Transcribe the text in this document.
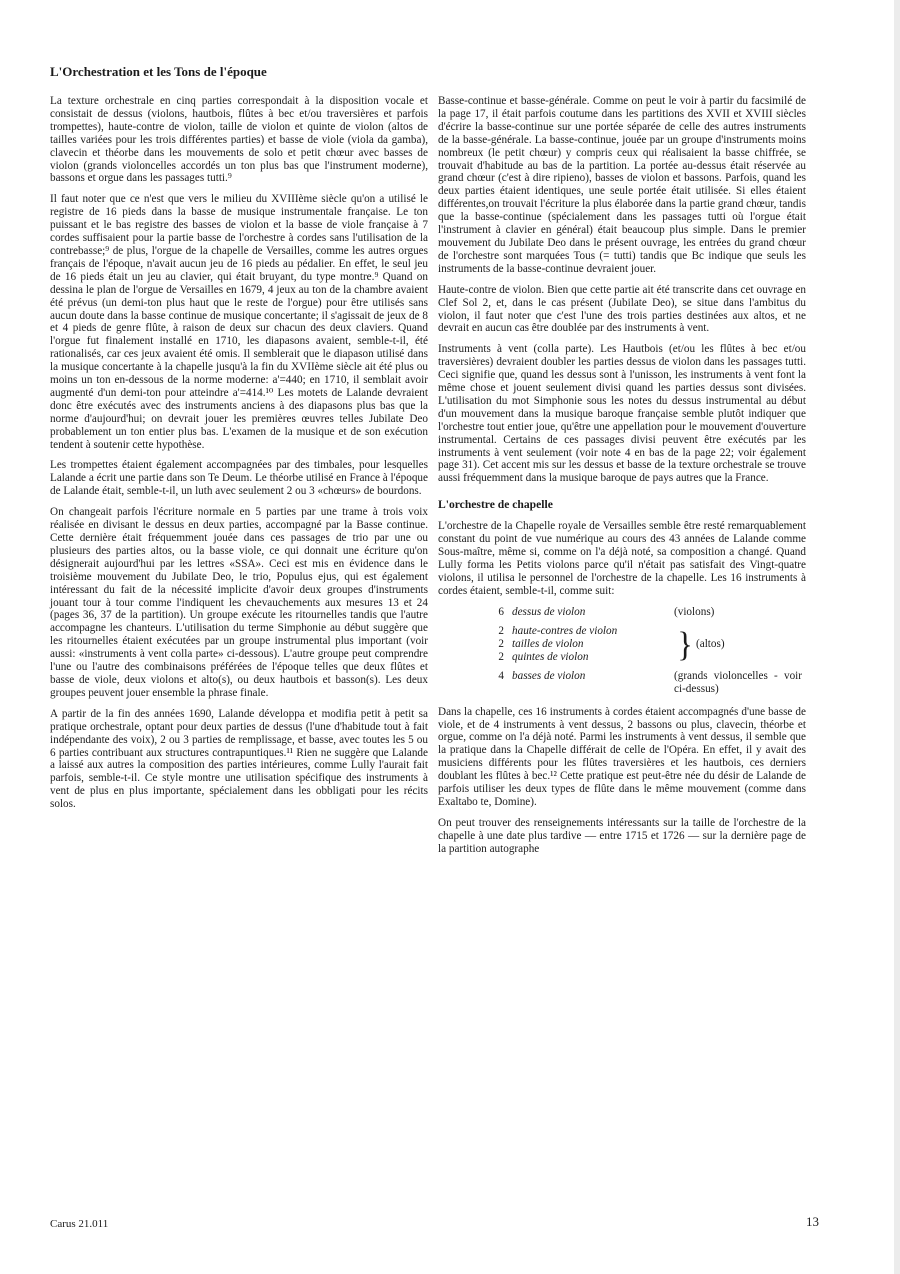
L'Orchestration et les Tons de l'époque

La texture orchestrale en cinq parties correspondait à la disposition vocale et consistait de dessus (violons, hautbois, flûtes à bec et/ou traversières et parfois trompettes), haute-contre de violon, taille de violon et quinte de violon (altos de tailles variées pour les trois différentes parties) et basse de viole (viola da gamba), clavecin et théorbe dans les mouvements de solo et petit chœur avec basses de violon (grands violoncelles accordés un ton plus bas que l'instrument moderne), bassons et orgue dans les passages tutti.⁹

Il faut noter que ce n'est que vers le milieu du XVIIIème siècle qu'on a utilisé le registre de 16 pieds dans la basse de musique instrumentale française. Le ton puissant et le bas registre des basses de violon et la basse de viole française à 7 cordes suffisaient pour la partie basse de l'orchestre à cordes sans l'utilisation de la contrebasse;⁹ de plus, l'orgue de la chapelle de Versailles, comme les autres orgues français de l'époque, n'avait aucun jeu de 16 pieds au pédalier. En effet, le seul jeu de 16 pieds était un jeu au clavier, qui était bruyant, du type montre.⁹ Quand on dessina le plan de l'orgue de Versailles en 1679, 4 jeux au ton de la chambre avaient été prévus (un demi-ton plus haut que le reste de l'orgue) pour être utilisés sans aucun doute dans la basse continue de musique concertante; il s'agissait de jeux de 8 et 4 pieds de genre flûte, à raison de deux sur chacun des deux claviers. Quand l'orgue fut finalement installé en 1710, les diapasons avaient, semble-t-il, été rationalisés, car ces jeux avaient été omis. Il semblerait que le diapason utilisé dans la musique concertante à la chapelle jusqu'à la fin du XVIIème siècle ait été plus ou moins un ton en-dessous de la norme moderne: a'=440; en 1710, il semblait avoir augmenté d'un demi-ton pour atteindre a'=414.¹⁰ Les motets de Lalande devraient donc être exécutés avec des instruments anciens à des diapasons plus bas que la norme d'aujourd'hui; on devrait jouer les premières œuvres telles Jubilate Deo probablement un ton entier plus bas. L'examen de la musique et de son exécution tendent à soutenir cette hypothèse.

Les trompettes étaient également accompagnées par des timbales, pour lesquelles Lalande a écrit une partie dans son Te Deum. Le théorbe utilisé en France à l'époque de Lalande était, semble-t-il, un luth avec seulement 2 ou 3 «chœurs» de bourdons.

On changeait parfois l'écriture normale en 5 parties par une trame à trois voix réalisée en divisant le dessus en deux parties, accompagné par la Basse continue. Cette dernière était fréquemment jouée dans ces passages de trio par une ou plusieurs des parties altos, ou la basse viole, ce qui donnait une écriture qu'on désignerait aujourd'hui par les lettres «SSA». Ceci est mis en évidence dans le troisième mouvement du Jubilate Deo, le trio, Populus ejus, qui est également intéressant du fait de la nécessité implicite d'avoir deux groupes d'instruments jouant tour à tour comme l'indiquent les chevauchements aux mesures 13 et 24 (pages 36, 37 de la partition). Un groupe exécute les ritournelles tandis que l'autre accompagne les chanteurs. L'utilisation du terme Simphonie au début suggère que les ritournelles étaient exécutées par un groupe instrumental plus important (voir aussi: «instruments à vent colla parte» ci-dessous). L'autre groupe peut comprendre l'une ou l'autre des combinaisons préférées de l'époque telles que deux flûtes et basse de viole, deux violons et alto(s), ou deux hautbois et basson(s). Les deux groupes peuvent jouer ensemble la phrase finale.

A partir de la fin des années 1690, Lalande développa et modifia petit à petit sa pratique orchestrale, optant pour deux parties de dessus (l'une d'habitude tout à fait indépendante des voix), 2 ou 3 parties de remplissage, et basse, avec toutes les 5 ou 6 parties contribuant aux structures contrapuntiques.¹¹ Rien ne suggère que Lalande a laissé aux autres la composition des parties intérieures, comme Lully l'aurait fait parfois, semble-t-il. Ce style montre une utilisation spécifique des instruments à vent de plus en plus importante, spécialement dans les obbligati pour les récits solos.

Basse-continue et basse-générale. Comme on peut le voir à partir du facsimilé de la page 17, il était parfois coutume dans les partitions des XVII et XVIII siècles d'écrire la basse-continue sur une portée séparée de celle des autres instruments de la basse-générale. La basse-continue, jouée par un groupe d'instruments moins nombreux (le petit chœur) y compris ceux qui réalisaient la basse chiffrée, se trouvait d'habitude au bas de la partition. La portée au-dessus était réservée au grand chœur (c'est à dire ripieno), basses de violon et bassons. Parfois, quand les deux parties étaient identiques, une seule portée était utilisée. Si elles étaient différentes,on trouvait l'écriture la plus élaborée dans la partie grand chœur, tandis que la basse-continue (spécialement dans les passages tutti où l'orgue était l'instrument à clavier en général) était beaucoup plus simple. Dans le premier mouvement du Jubilate Deo dans le présent ouvrage, les entrées du grand chœur de l'orchestre sont marquées Tous (= tutti) tandis que Bc indique que seuls les instruments de la basse-continue devraient jouer.

Haute-contre de violon. Bien que cette partie ait été transcrite dans cet ouvrage en Clef Sol 2, et, dans le cas présent (Jubilate Deo), se situe dans l'ambitus du violon, il faut noter que c'est l'une des trois parties destinées aux altos, et ne devrait en aucun cas être doublée par des instruments à vent.

Instruments à vent (colla parte). Les Hautbois (et/ou les flûtes à bec et/ou traversières) devraient doubler les parties dessus de violon dans les passages tutti. Ceci signifie que, quand les dessus sont à l'unisson, les instruments à vent font la même chose et jouent seulement divisi quand les parties dessus sont divisées. L'utilisation du mot Simphonie sous les notes du dessus instrumental au début d'un mouvement dans la musique baroque française semble plutôt indiquer que l'orchestre tout entier joue, qu'être une appellation pour le mouvement d'ouverture instrumental. Certains de ces passages divisi peuvent être exécutés par les instruments à vent seulement (voir note 4 en bas de la page 22; voir également page 31). Cet accent mis sur les dessus et basse de la texture orchestrale se trouve aussi fréquemment dans la musique baroque de pays autres que la France.

L'orchestre de chapelle

L'orchestre de la Chapelle royale de Versailles semble être resté remarquablement constant du point de vue numérique au cours des 43 années de Lalande comme Sous-maître, même si, comme on l'a déjà noté, sa composition a changé. Quand Lully forma les Petits violons parce qu'il n'était pas satisfait des Vingt-quatre violons, il utilisa le personnel de l'orchestre de la chapelle. Les 16 instruments à cordes étaient, semble-t-il, comme suit:

6 dessus de violon	(violons)
2 haute-contres de violon
2 tailles de violon
2 quintes de violon	} (altos)
4 basses de violon	(grands violoncelles - voir ci-dessus)

Dans la chapelle, ces 16 instruments à cordes étaient accompagnés d'une basse de viole, et de 4 instruments à vent dessus, 2 bassons ou plus, clavecin, théorbe et orgue, comme on l'a déjà noté. Parmi les instruments à vent dessus, il semble que la pratique dans la Chapelle différait de celle de l'Opéra. En effet, il y avait des musiciens différents pour les flûtes traversières et les hautbois, ces derniers doublant les flûtes à bec.¹² Cette pratique est peut-être née du désir de Lalande de parfois utiliser les deux types de flûte dans le même mouvement (comme dans Exaltabo te, Domine).

On peut trouver des renseignements intéressants sur la taille de l'orchestre de la chapelle à une date plus tardive — entre 1715 et 1726 — sur la dernière page de la partition autographe

Carus 21.011	13
